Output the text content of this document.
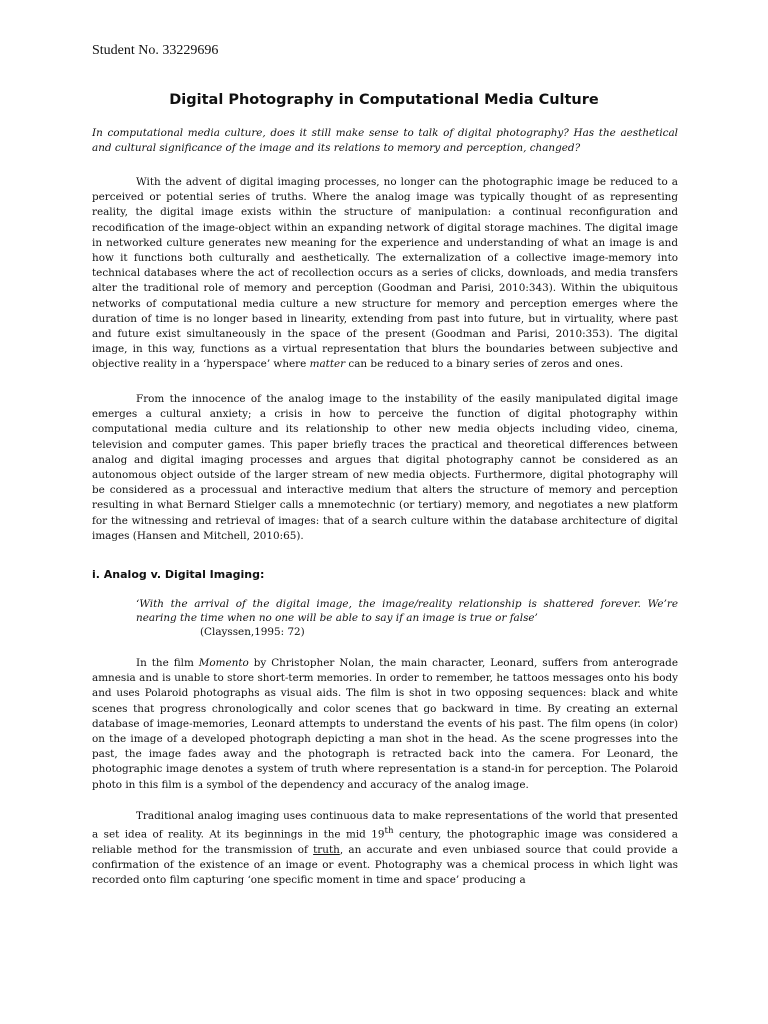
Student No. 33229696
Digital Photography in Computational Media Culture
In computational media culture, does it still make sense to talk of digital photography? Has the aesthetical and cultural significance of the image and its relations to memory and perception, changed?

With the advent of digital imaging processes, no longer can the photographic image be reduced to a perceived or potential series of truths. Where the analog image was typically thought of as representing reality, the digital image exists within the structure of manipulation: a continual reconfiguration and recodification of the image-object within an expanding network of digital storage machines. The digital image in networked culture generates new meaning for the experience and understanding of what an image is and how it functions both culturally and aesthetically. The externalization of a collective image-memory into technical databases where the act of recollection occurs as a series of clicks, downloads, and media transfers alter the traditional role of memory and perception (Goodman and Parisi, 2010:343). Within the ubiquitous networks of computational media culture a new structure for memory and perception emerges where the duration of time is no longer based in linearity, extending from past into future, but in virtuality, where past and future exist simultaneously in the space of the present (Goodman and Parisi, 2010:353). The digital image, in this way, functions as a virtual representation that blurs the boundaries between subjective and objective reality in a ‘hyperspace’ where matter can be reduced to a binary series of zeros and ones.

From the innocence of the analog image to the instability of the easily manipulated digital image emerges a cultural anxiety; a crisis in how to perceive the function of digital photography within computational media culture and its relationship to other new media objects including video, cinema, television and computer games. This paper briefly traces the practical and theoretical differences between analog and digital imaging processes and argues that digital photography cannot be considered as an autonomous object outside of the larger stream of new media objects. Furthermore, digital photography will be considered as a processual and interactive medium that alters the structure of memory and perception resulting in what Bernard Stielger calls a mnemotechnic (or tertiary) memory, and negotiates a new platform for the witnessing and retrieval of images: that of a search culture within the database architecture of digital images (Hansen and Mitchell, 2010:65).

i. Analog v. Digital Imaging:
‘With the arrival of the digital image, the image/reality relationship is shattered forever. We’re nearing the time when no one will be able to say if an image is true or false’
(Clayssen,1995: 72)

In the film Momento by Christopher Nolan, the main character, Leonard, suffers from anterograde amnesia and is unable to store short-term memories. In order to remember, he tattoos messages onto his body and uses Polaroid photographs as visual aids. The film is shot in two opposing sequences: black and white scenes that progress chronologically and color scenes that go backward in time. By creating an external database of image-memories, Leonard attempts to understand the events of his past. The film opens (in color) on the image of a developed photograph depicting a man shot in the head. As the scene progresses into the past, the image fades away and the photograph is retracted back into the camera. For Leonard, the photographic image denotes a system of truth where representation is a stand-in for perception. The Polaroid photo in this film is a symbol of the dependency and accuracy of the analog image.

Traditional analog imaging uses continuous data to make representations of the world that presented a set idea of reality. At its beginnings in the mid 19th century, the photographic image was considered a reliable method for the transmission of truth, an accurate and even unbiased source that could provide a confirmation of the existence of an image or event. Photography was a chemical process in which light was recorded onto film capturing ‘one specific moment in time and space’ producing a
